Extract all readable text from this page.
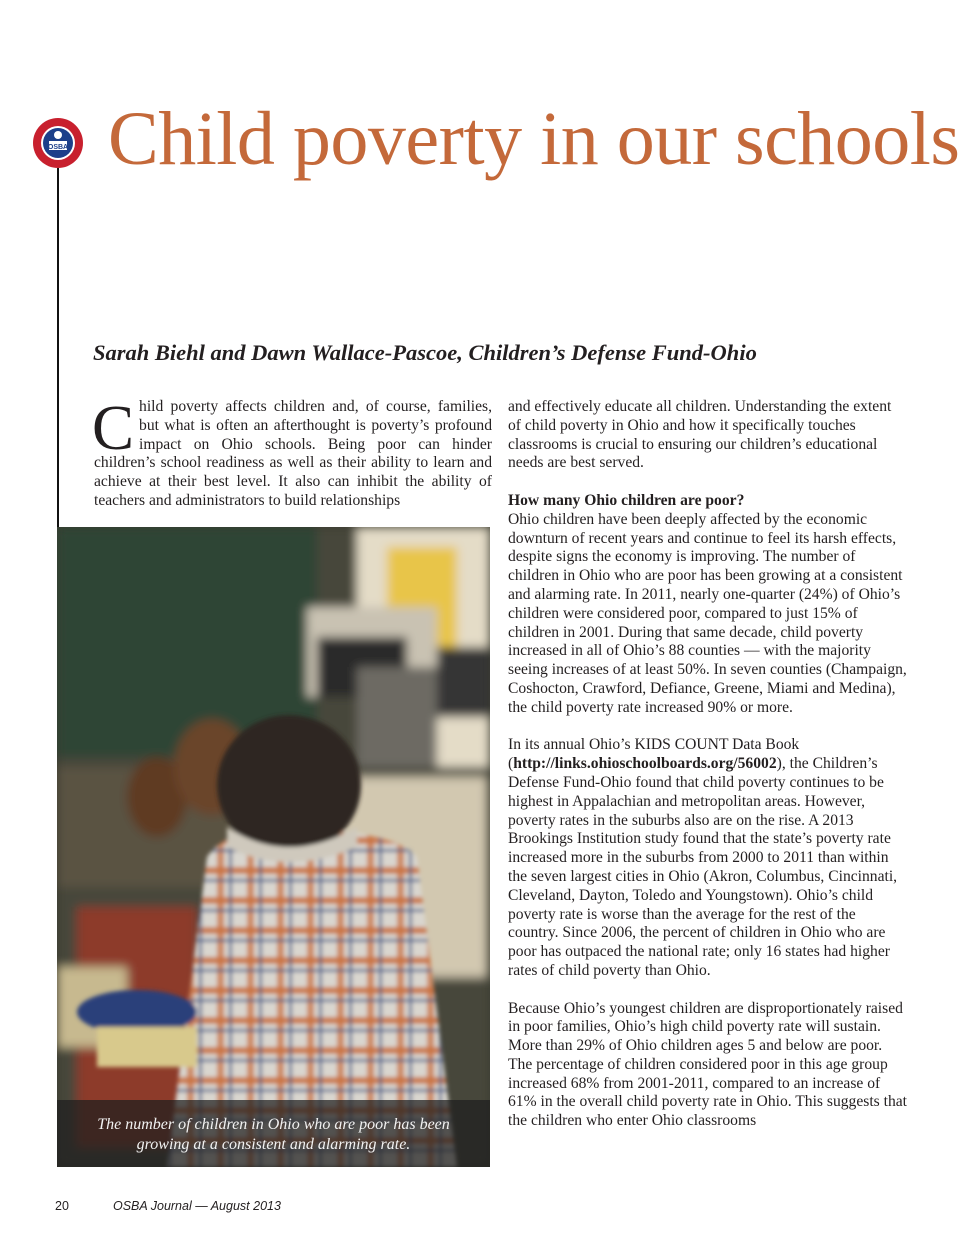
OSBA Child poverty in our schools
Sarah Biehl and Dawn Wallace-Pascoe, Children’s Defense Fund-Ohio

Child poverty affects children and, of course, families, but what is often an afterthought is poverty’s profound impact on Ohio schools. Being poor can hinder children’s school readiness as well as their ability to learn and achieve at their best level. It also can inhibit the ability of teachers and administrators to build relationships

and effectively educate all children. Understanding the extent of child poverty in Ohio and how it specifically touches classrooms is crucial to ensuring our children’s educational needs are best served.

How many Ohio children are poor?

Ohio children have been deeply affected by the economic downturn of recent years and continue to feel its harsh effects, despite signs the economy is improving. The number of children in Ohio who are poor has been growing at a consistent and alarming rate. In 2011, nearly one-quarter (24%) of Ohio’s children were considered poor, compared to just 15% of children in 2001. During that same decade, child poverty increased in all of Ohio’s 88 counties — with the majority seeing increases of at least 50%. In seven counties (Champaign, Coshocton, Crawford, Defiance, Greene, Miami and Medina), the child poverty rate increased 90% or more.

In its annual Ohio’s KIDS COUNT Data Book (http://links.ohioschoolboards.org/56002), the Children’s Defense Fund-Ohio found that child poverty continues to be highest in Appalachian and metropolitan areas. However, poverty rates in the suburbs also are on the rise. A 2013 Brookings Institution study found that the state’s poverty rate increased more in the suburbs from 2000 to 2011 than within the seven largest cities in Ohio (Akron, Columbus, Cincinnati, Cleveland, Dayton, Toledo and Youngstown). Ohio’s child poverty rate is worse than the average for the rest of the country. Since 2006, the percent of children in Ohio who are poor has outpaced the national rate; only 16 states had higher rates of child poverty than Ohio.

Because Ohio’s youngest children are disproportionately raised in poor families, Ohio’s high child poverty rate will sustain. More than 29% of Ohio children ages 5 and below are poor. The percentage of children considered poor in this age group increased 68% from 2001-2011, compared to an increase of 61% in the overall child poverty rate in Ohio. This suggests that the children who enter Ohio classrooms

The number of children in Ohio who are poor has been growing at a consistent and alarming rate.

20	OSBA Journal — August 2013
